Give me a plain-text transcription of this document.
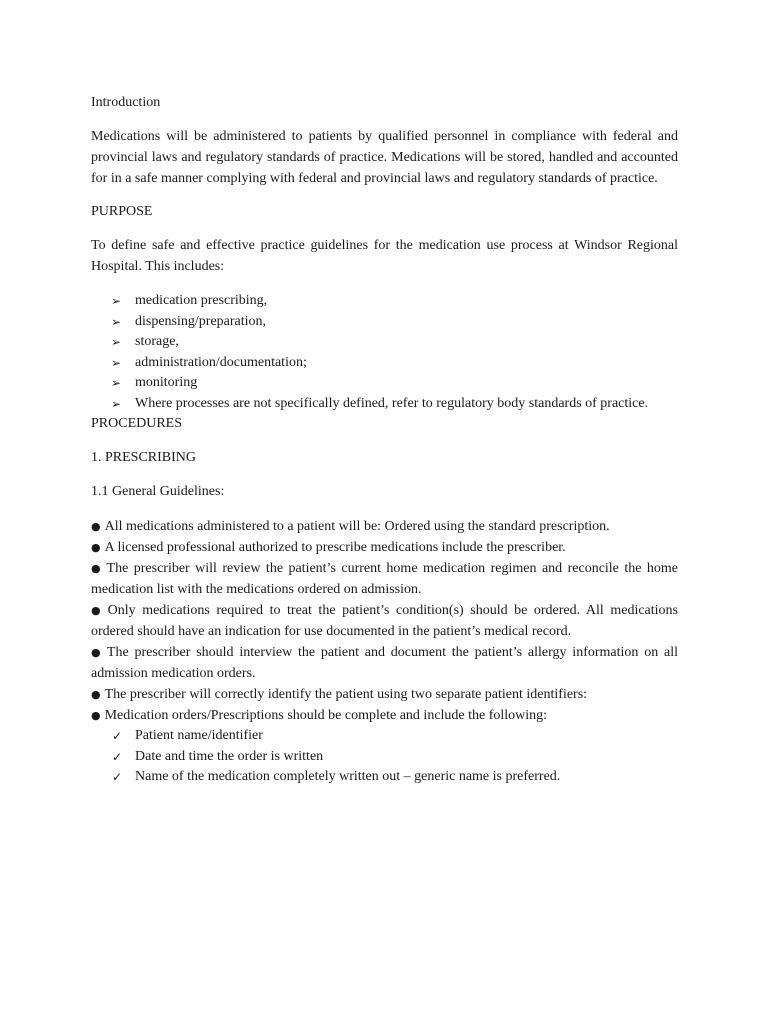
Introduction

Medications will be administered to patients by qualified personnel in compliance with federal and provincial laws and regulatory standards of practice. Medications will be stored, handled and accounted for in a safe manner complying with federal and provincial laws and regulatory standards of practice.

PURPOSE

To define safe and effective practice guidelines for the medication use process at Windsor Regional Hospital. This includes:

➢ medication prescribing,
➢ dispensing/preparation,
➢ storage,
➢ administration/documentation;
➢ monitoring
➢ Where processes are not specifically defined, refer to regulatory body standards of practice.

PROCEDURES

1. PRESCRIBING

1.1 General Guidelines:

● All medications administered to a patient will be: Ordered using the standard prescription.

● A licensed professional authorized to prescribe medications include the prescriber.

● The prescriber will review the patient’s current home medication regimen and reconcile the home medication list with the medications ordered on admission.

● Only medications required to treat the patient’s condition(s) should be ordered. All medications ordered should have an indication for use documented in the patient’s medical record.

● The prescriber should interview the patient and document the patient’s allergy information on all admission medication orders.

● The prescriber will correctly identify the patient using two separate patient identifiers:

● Medication orders/Prescriptions should be complete and include the following:

✓ Patient name/identifier
✓ Date and time the order is written
✓ Name of the medication completely written out – generic name is preferred.
